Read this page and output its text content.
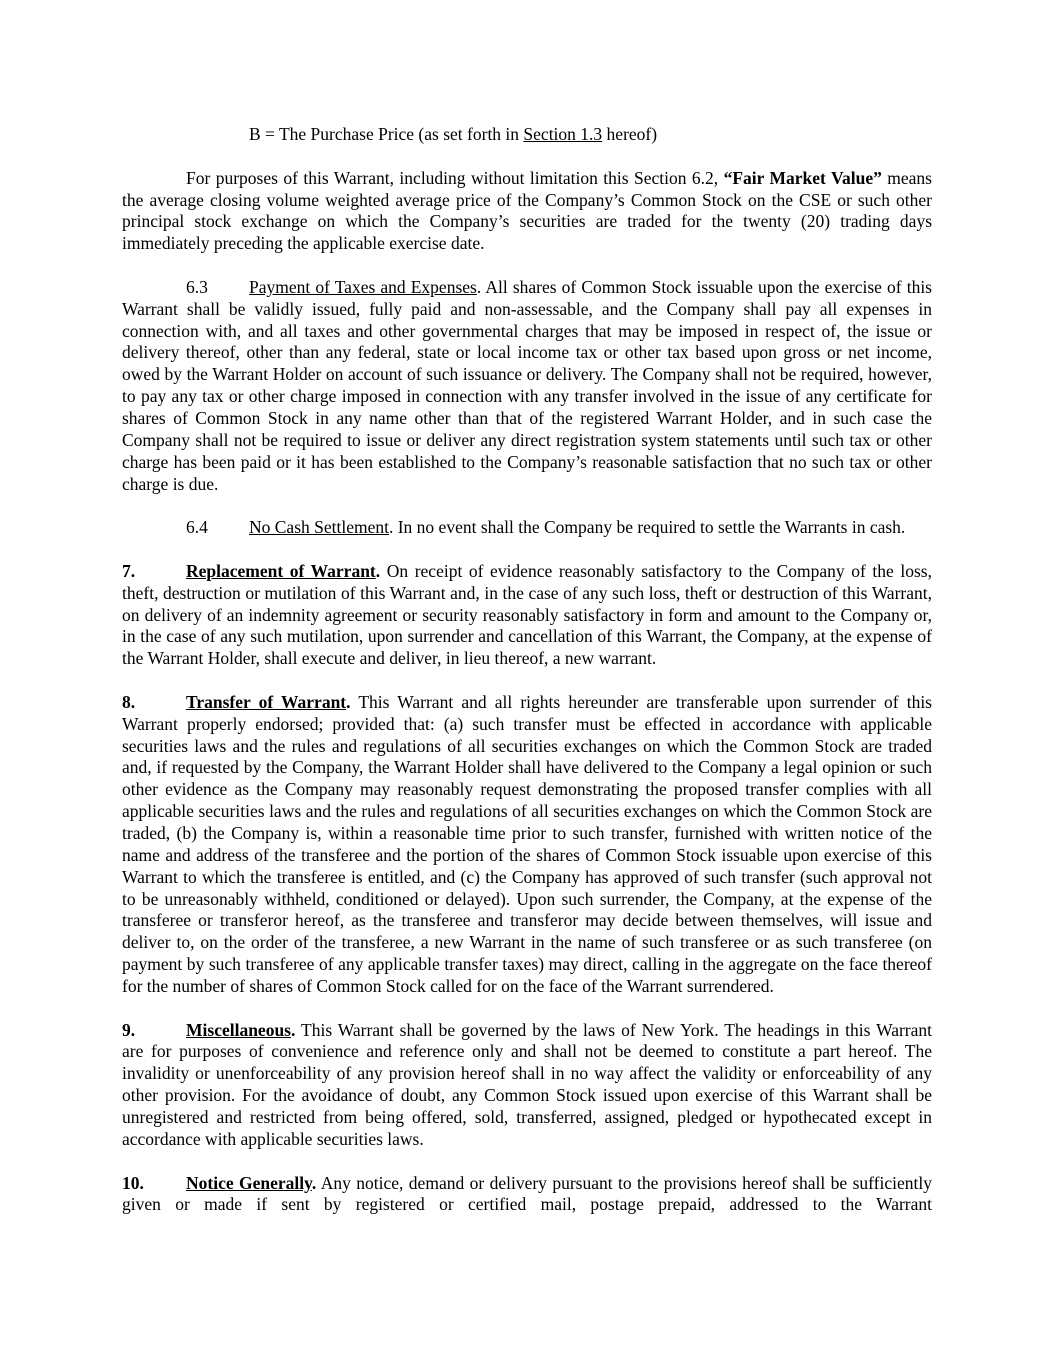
B = The Purchase Price (as set forth in Section 1.3 hereof)

For purposes of this Warrant, including without limitation this Section 6.2, “Fair Market Value” means the average closing volume weighted average price of the Company’s Common Stock on the CSE or such other principal stock exchange on which the Company’s securities are traded for the twenty (20) trading days immediately preceding the applicable exercise date.

6.3 Payment of Taxes and Expenses. All shares of Common Stock issuable upon the exercise of this Warrant shall be validly issued, fully paid and non-assessable, and the Company shall pay all expenses in connection with, and all taxes and other governmental charges that may be imposed in respect of, the issue or delivery thereof, other than any federal, state or local income tax or other tax based upon gross or net income, owed by the Warrant Holder on account of such issuance or delivery. The Company shall not be required, however, to pay any tax or other charge imposed in connection with any transfer involved in the issue of any certificate for shares of Common Stock in any name other than that of the registered Warrant Holder, and in such case the Company shall not be required to issue or deliver any direct registration system statements until such tax or other charge has been paid or it has been established to the Company’s reasonable satisfaction that no such tax or other charge is due.

6.4 No Cash Settlement. In no event shall the Company be required to settle the Warrants in cash.

7.	Replacement of Warrant. On receipt of evidence reasonably satisfactory to the Company of the loss, theft, destruction or mutilation of this Warrant and, in the case of any such loss, theft or destruction of this Warrant, on delivery of an indemnity agreement or security reasonably satisfactory in form and amount to the Company or, in the case of any such mutilation, upon surrender and cancellation of this Warrant, the Company, at the expense of the Warrant Holder, shall execute and deliver, in lieu thereof, a new warrant.

8.	Transfer of Warrant. This Warrant and all rights hereunder are transferable upon surrender of this Warrant properly endorsed; provided that: (a) such transfer must be effected in accordance with applicable securities laws and the rules and regulations of all securities exchanges on which the Common Stock are traded and, if requested by the Company, the Warrant Holder shall have delivered to the Company a legal opinion or such other evidence as the Company may reasonably request demonstrating the proposed transfer complies with all applicable securities laws and the rules and regulations of all securities exchanges on which the Common Stock are traded, (b) the Company is, within a reasonable time prior to such transfer, furnished with written notice of the name and address of the transferee and the portion of the shares of Common Stock issuable upon exercise of this Warrant to which the transferee is entitled, and (c) the Company has approved of such transfer (such approval not to be unreasonably withheld, conditioned or delayed). Upon such surrender, the Company, at the expense of the transferee or transferor hereof, as the transferee and transferor may decide between themselves, will issue and deliver to, on the order of the transferee, a new Warrant in the name of such transferee or as such transferee (on payment by such transferee of any applicable transfer taxes) may direct, calling in the aggregate on the face thereof for the number of shares of Common Stock called for on the face of the Warrant surrendered.

9.	Miscellaneous. This Warrant shall be governed by the laws of New York. The headings in this Warrant are for purposes of convenience and reference only and shall not be deemed to constitute a part hereof. The invalidity or unenforceability of any provision hereof shall in no way affect the validity or enforceability of any other provision. For the avoidance of doubt, any Common Stock issued upon exercise of this Warrant shall be unregistered and restricted from being offered, sold, transferred, assigned, pledged or hypothecated except in accordance with applicable securities laws.

10. Notice Generally. Any notice, demand or delivery pursuant to the provisions hereof shall be sufficiently given or made if sent by registered or certified mail, postage prepaid, addressed to the Warrant
